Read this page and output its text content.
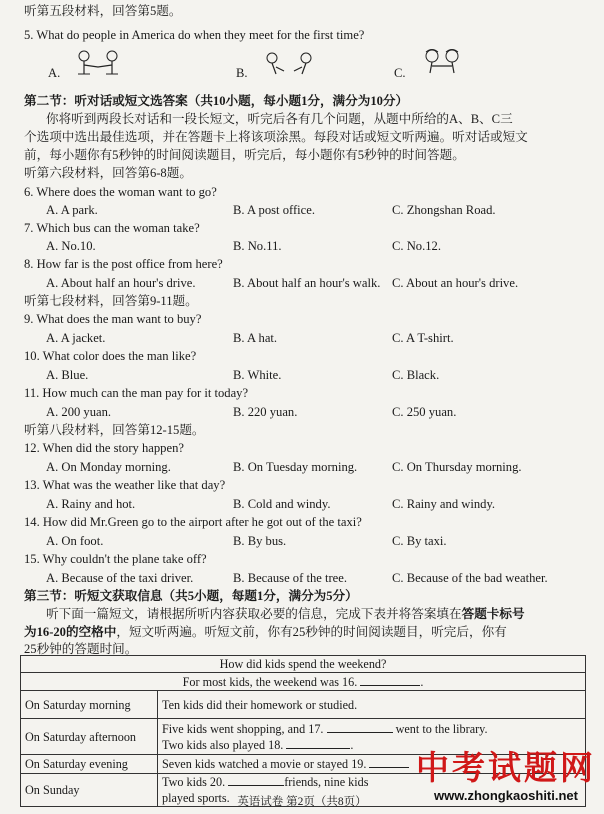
听第五段材料，回答第5题。
5. What do people in America do when they meet for the first time?
A.	B.	C.
第二节：听对话或短文选答案（共10小题，每小题1分，满分为10分）
你将听到两段长对话和一段长短文，听完后各有几个问题，从题中所给的A、B、C三
个选项中选出最佳选项，并在答题卡上将该项涂黑。每段对话或短文听两遍。听对话或短文
前，每小题你有5秒钟的时间阅读题目，听完后，每小题你有5秒钟的时间答题。
听第六段材料，回答第6-8题。
6. Where does the woman want to go?
A. A park.	B. A post office.	C. Zhongshan Road.
7. Which bus can the woman take?
A. No.10.	B. No.11.	C. No.12.
8. How far is the post office from here?
A. About half an hour's drive.	B. About half an hour's walk. C. About an hour's drive.
听第七段材料，回答第9-11题。
9. What does the man want to buy?
A. A jacket.	B. A hat.	C. A T-shirt.
10. What color does the man like?
A. Blue.	B. White.	C. Black.
11. How much can the man pay for it today?
A. 200 yuan.	B. 220 yuan.	C. 250 yuan.
听第八段材料，回答第12-15题。
12. When did the story happen?
A. On Monday morning.	B. On Tuesday morning.	C. On Thursday morning.
13. What was the weather like that day?
A. Rainy and hot.	B. Cold and windy.	C. Rainy and windy.
14. How did Mr.Green go to the airport after he got out of the taxi?
A. On foot.	B. By bus.	C. By taxi.
15. Why couldn't the plane take off?
A. Because of the taxi driver.	B. Because of the tree.	C. Because of the bad weather.
第三节：听短文获取信息（共5小题，每题1分，满分为5分）
听下面一篇短文，请根据所听内容获取必要的信息，完成下表并将答案填在答题卡标号
为16-20的空格中，短文听两遍。听短文前，你有25秒钟的时间阅读题目，听完后，你有
25秒钟的答题时间。
How did kids spend the weekend?	
For most kids, the weekend was 16. .	
On Saturday morning	Ten kids did their homework or studied.
On Saturday afternoon	Five kids went shopping, and 17. went to the library.
Two kids also played 18. .

On Saturday evening	Seven kids watched a movie or stayed 19.
On Sunday	Two kids 20. friends, nine kids
played sports.
中考试题网
www.zhongkaoshiti.net
英语试卷 第2页（共8页）
